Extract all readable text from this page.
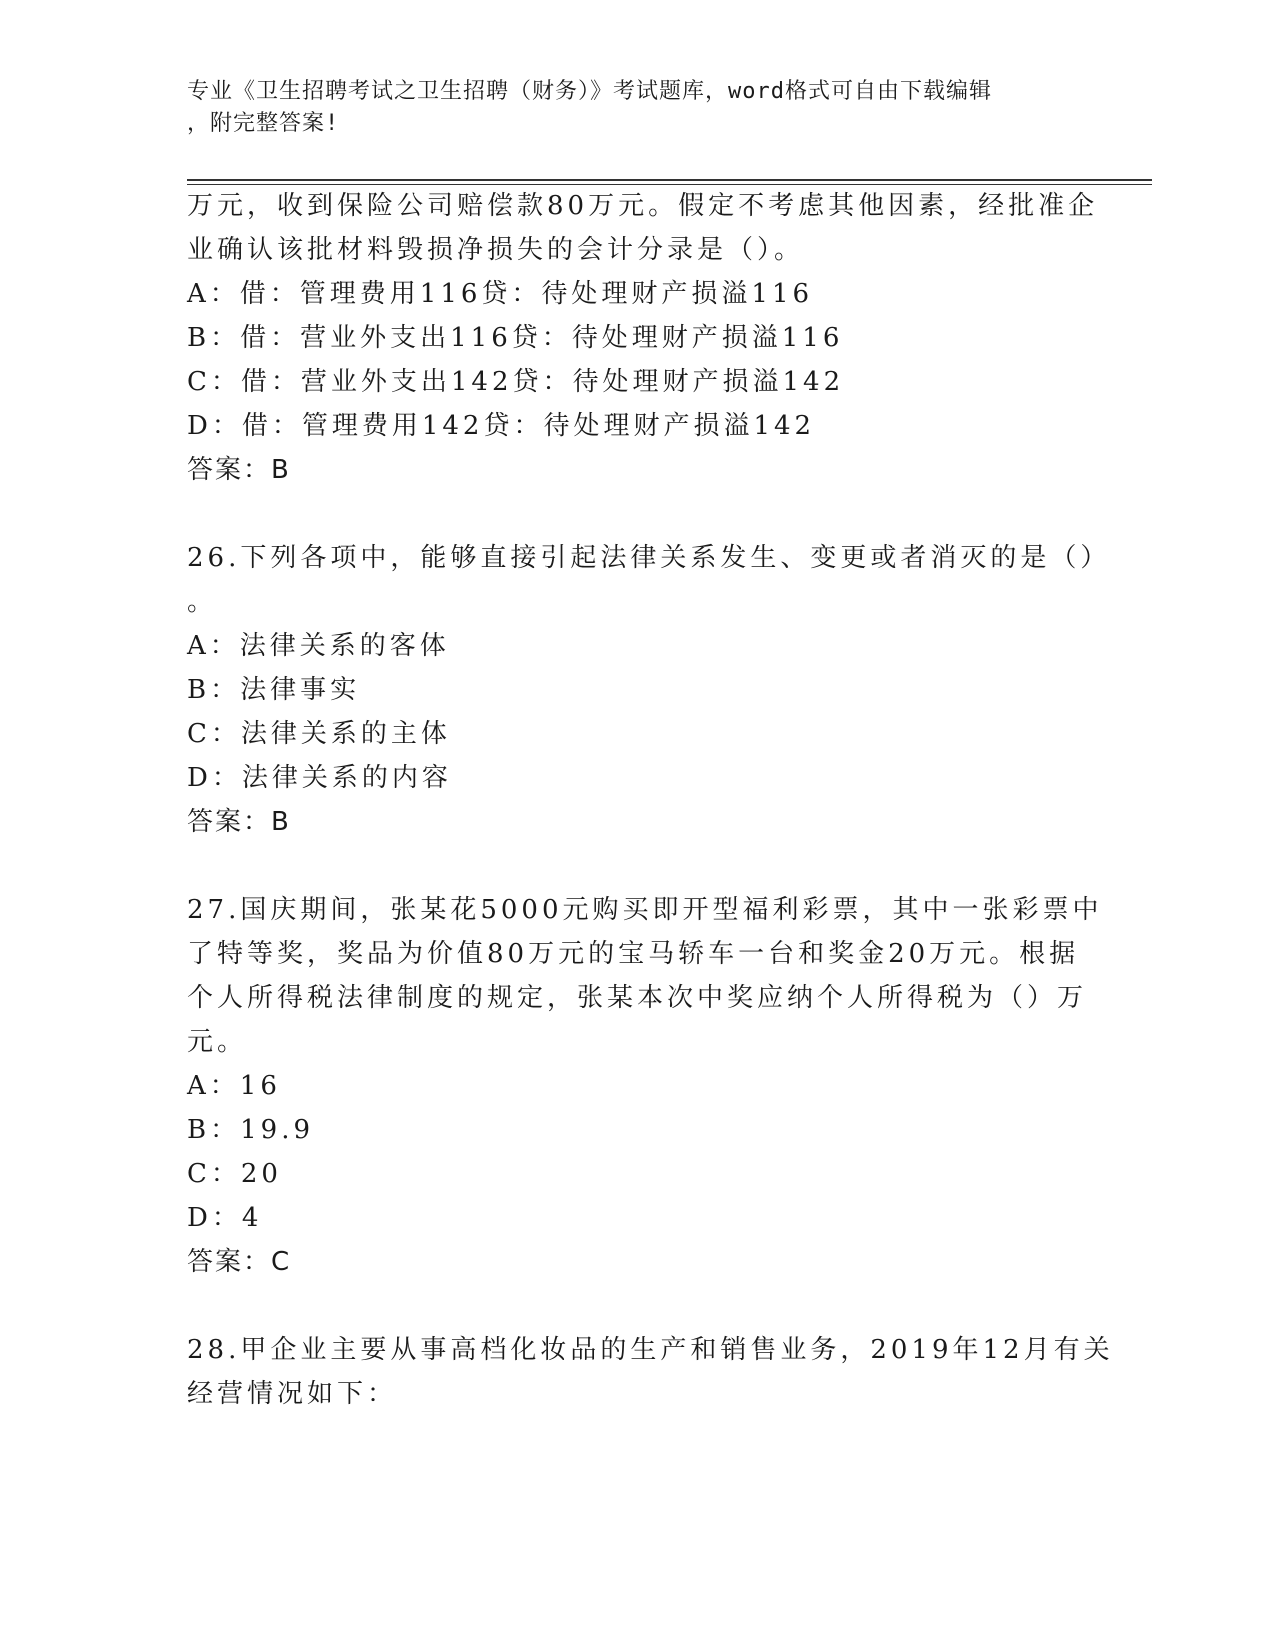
专业《卫生招聘考试之卫生招聘（财务）》考试题库，word格式可自由下载编辑
，附完整答案!
万元，收到保险公司赔偿款80万元。假定不考虑其他因素，经批准企
业确认该批材料毁损净损失的会计分录是（）。
A：借：管理费用116贷：待处理财产损溢116
B：借：营业外支出116贷：待处理财产损溢116
C：借：营业外支出142贷：待处理财产损溢142
D：借：管理费用142贷：待处理财产损溢142
答案：B
26.下列各项中，能够直接引起法律关系发生、变更或者消灭的是（）
。
A：法律关系的客体
B：法律事实
C：法律关系的主体
D：法律关系的内容
答案：B
27.国庆期间，张某花5000元购买即开型福利彩票，其中一张彩票中
了特等奖，奖品为价值80万元的宝马轿车一台和奖金20万元。根据
个人所得税法律制度的规定，张某本次中奖应纳个人所得税为（）万
元。
A：16
B：19.9
C：20
D：4
答案：C
28.甲企业主要从事高档化妆品的生产和销售业务，2019年12月有关
经营情况如下：
